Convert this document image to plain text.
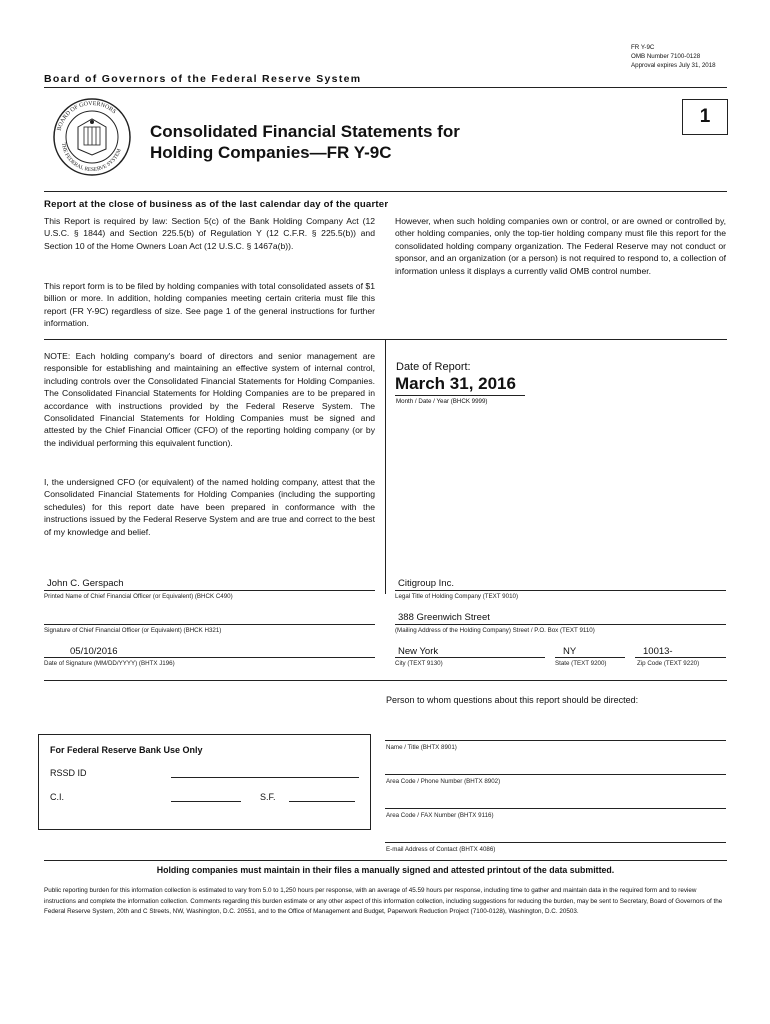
FR Y-9C
OMB Number 7100-0128
Approval expires July 31, 2018
Board of Governors of the Federal Reserve System
BOARD OF GOVERNORS
THE FEDERAL RESERVE SYSTEM
Consolidated Financial Statements for
Holding Companies—FR Y-9C
1
Report at the close of business as of the last calendar day of the quarter
This Report is required by law: Section 5(c) of the Bank Holding Company Act (12 U.S.C. § 1844) and Section 225.5(b) of Regulation Y (12 C.F.R. § 225.5(b)) and Section 10 of the Home Owners Loan Act (12 U.S.C. § 1467a(b)).
This report form is to be filed by holding companies with total consolidated assets of $1 billion or more. In addition, holding companies meeting certain criteria must file this report (FR Y-9C) regardless of size. See page 1 of the general instructions for further information.
However, when such holding companies own or control, or are owned or controlled by, other holding companies, only the top-tier holding company must file this report for the consolidated holding company organization. The Federal Reserve may not conduct or sponsor, and an organization (or a person) is not required to respond to, a collection of information unless it displays a currently valid OMB control number.
NOTE: Each holding company's board of directors and senior management are responsible for establishing and maintaining an effective system of internal control, including controls over the Consolidated Financial Statements for Holding Companies. The Consolidated Financial Statements for Holding Companies are to be prepared in accordance with instructions provided by the Federal Reserve System. The Consolidated Financial Statements for Holding Companies must be signed and attested by the Chief Financial Officer (CFO) of the reporting holding company (or by the individual performing this equivalent function).
I, the undersigned CFO (or equivalent) of the named holding company, attest that the Consolidated Financial Statements for Holding Companies (including the supporting schedules) for this report date have been prepared in conformance with the instructions issued by the Federal Reserve System and are true and correct to the best of my knowledge and belief.
Date of Report:
March 31, 2016
Month / Date / Year (BHCK 9999)
John C. Gerspach
Printed Name of Chief Financial Officer (or Equivalent) (BHCK C490)
Signature of Chief Financial Officer (or Equivalent) (BHCK H321)
05/10/2016
Date of Signature (MM/DD/YYYY) (BHTX J196)
Citigroup Inc.
Legal Title of Holding Company (TEXT 9010)
388 Greenwich Street
(Mailing Address of the Holding Company) Street / P.O. Box (TEXT 9110)
New York
City (TEXT 9130)
NY
State (TEXT 9200)
10013-
Zip Code (TEXT 9220)
Person to whom questions about this report should be directed:
Name / Title (BHTX 8901)
Area Code / Phone Number (BHTX 8902)
Area Code / FAX Number (BHTX 9116)
E-mail Address of Contact (BHTX 4086)
For Federal Reserve Bank Use Only
RSSD ID
C.I.	S.F.
Holding companies must maintain in their files a manually signed and attested printout of the data submitted.
Public reporting burden for this information collection is estimated to vary from 5.0 to 1,250 hours per response, with an average of 45.59 hours per response, including time to gather and maintain data in the required form and to review instructions and complete the information collection. Comments regarding this burden estimate or any other aspect of this information collection, including suggestions for reducing the burden, may be sent to Secretary, Board of Governors of the Federal Reserve System, 20th and C Streets, NW, Washington, D.C. 20551, and to the Office of Management and Budget, Paperwork Reduction Project (7100-0128), Washington, D.C. 20503.
